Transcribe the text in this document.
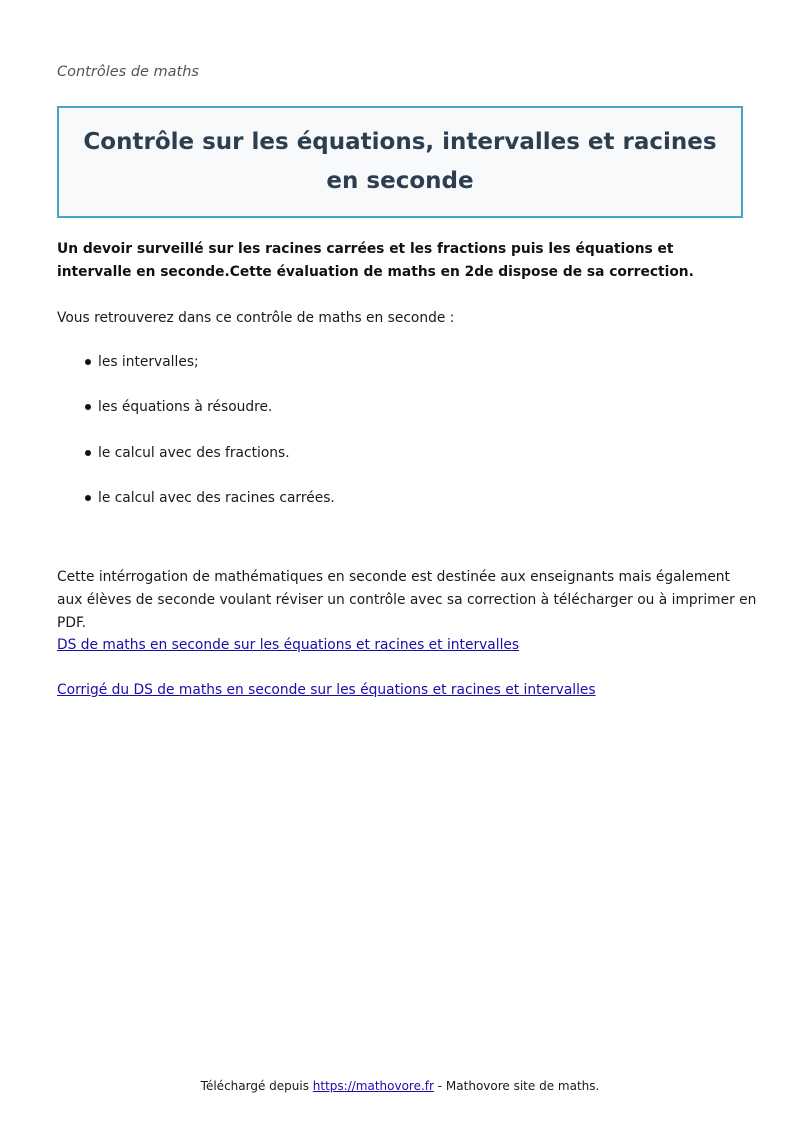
Contrôles de maths
Contrôle sur les équations, intervalles et racines en seconde

Un devoir surveillé sur les racines carrées et les fractions puis les équations et intervalle en seconde.Cette évaluation de maths en 2de dispose de sa correction.

Vous retrouverez dans ce contrôle de maths en seconde :

les intervalles;
les équations à résoudre.
le calcul avec des fractions.
le calcul avec des racines carrées.

Cette intérrogation de mathématiques en seconde est destinée aux enseignants mais également aux élèves de seconde voulant réviser un contrôle avec sa correction à télécharger ou à imprimer en PDF.

DS de maths en seconde sur les équations et racines et intervalles
Corrigé du DS de maths en seconde sur les équations et racines et intervalles
Téléchargé depuis https://mathovore.fr - Mathovore site de maths.
